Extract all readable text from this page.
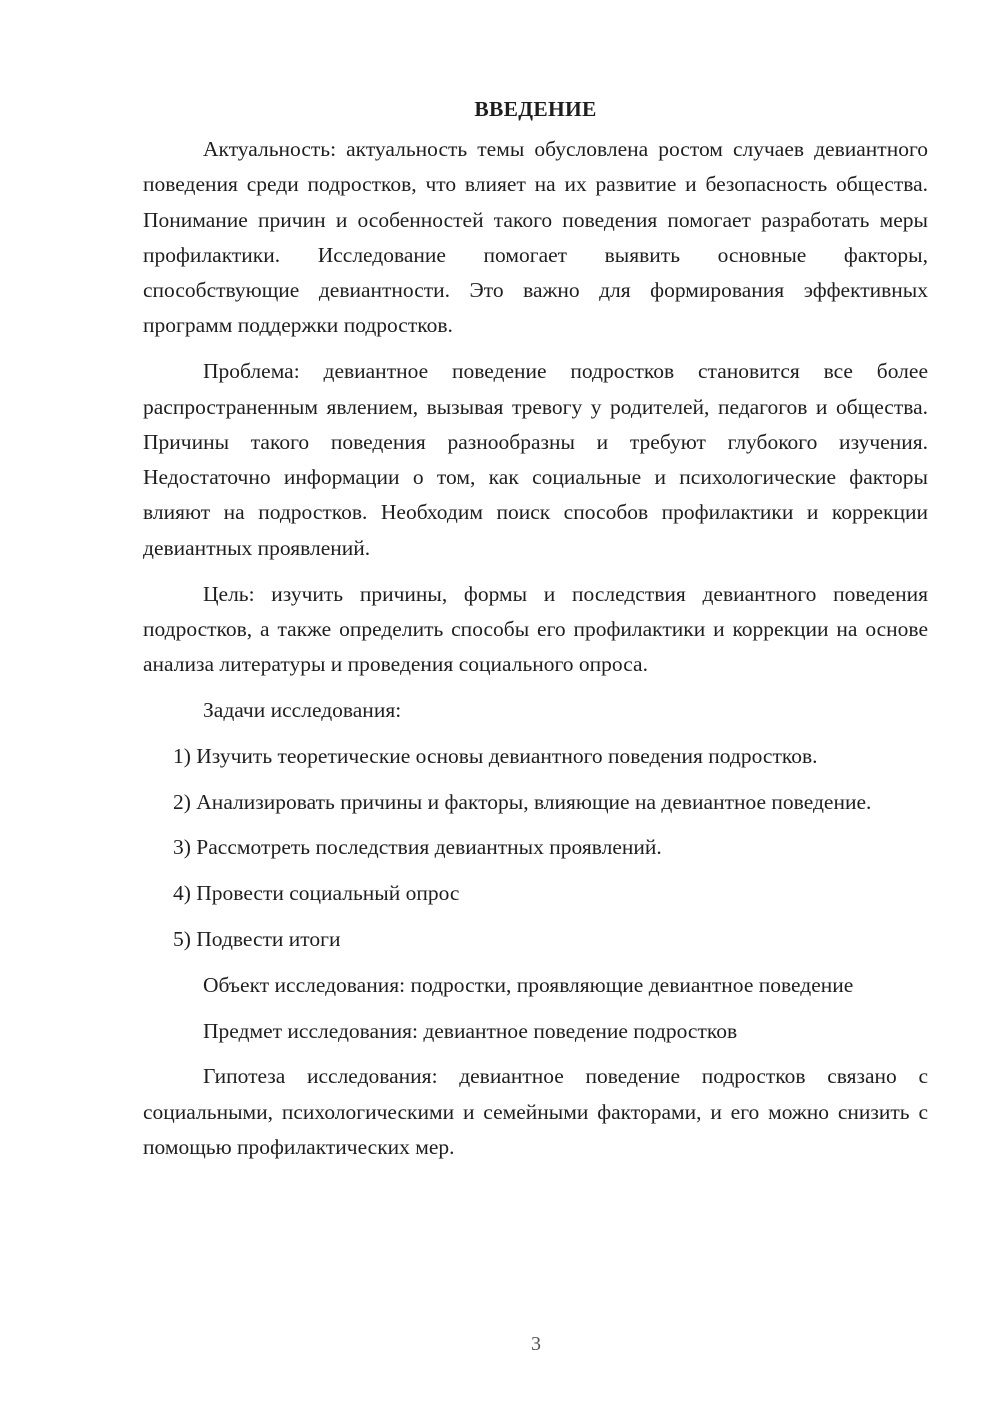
ВВЕДЕНИЕ

Актуальность: актуальность темы обусловлена ростом случаев девиантного поведения среди подростков, что влияет на их развитие и безопасность общества. Понимание причин и особенностей такого поведения помогает разработать меры профилактики. Исследование помогает выявить основные факторы, способствующие девиантности. Это важно для формирования эффективных программ поддержки подростков.

Проблема: девиантное поведение подростков становится все более распространенным явлением, вызывая тревогу у родителей, педагогов и общества. Причины такого поведения разнообразны и требуют глубокого изучения. Недостаточно информации о том, как социальные и психологические факторы влияют на подростков. Необходим поиск способов профилактики и коррекции девиантных проявлений.

Цель: изучить причины, формы и последствия девиантного поведения подростков, а также определить способы его профилактики и коррекции на основе анализа литературы и проведения социального опроса.

Задачи исследования:

1) Изучить теоретические основы девиантного поведения подростков.

2) Анализировать причины и факторы, влияющие на девиантное поведение.

3) Рассмотреть последствия девиантных проявлений.

4) Провести социальный опрос

5) Подвести итоги

Объект исследования: подростки, проявляющие девиантное поведение

Предмет исследования: девиантное поведение подростков

Гипотеза исследования: девиантное поведение подростков связано с социальными, психологическими и семейными факторами, и его можно снизить с помощью профилактических мер.

3
